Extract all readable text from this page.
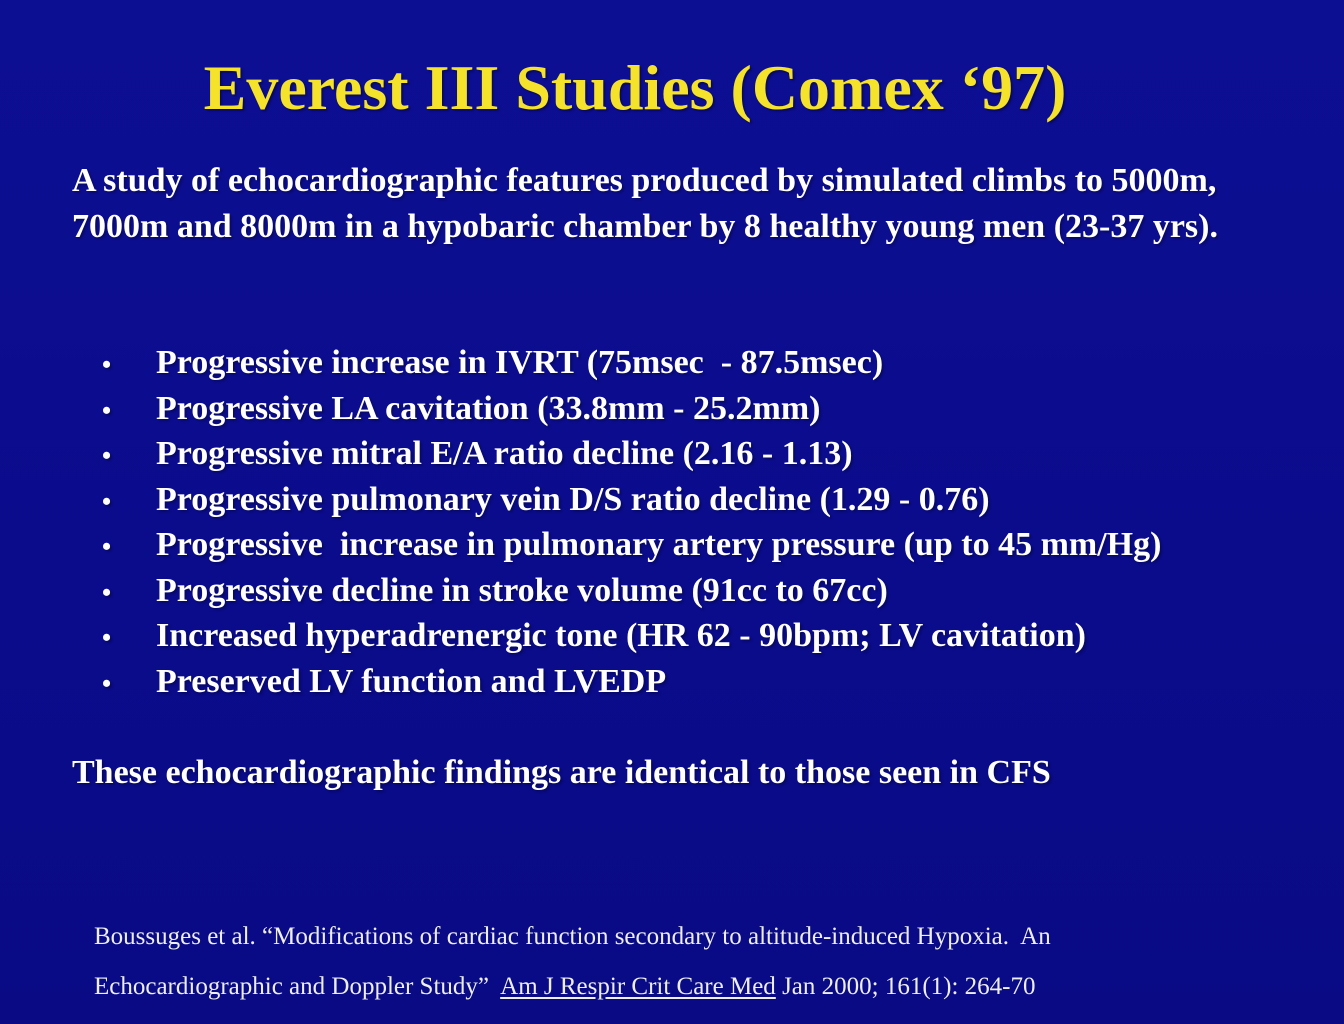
Everest III Studies (Comex ‘97)

A study of echocardiographic features produced by simulated climbs to 5000m, 7000m and 8000m in a hypobaric chamber by 8 healthy young men (23-37 yrs).

•	Progressive increase in IVRT (75msec  - 87.5msec)
•	Progressive LA cavitation (33.8mm - 25.2mm)
•	Progressive mitral E/A ratio decline (2.16 - 1.13)
•	Progressive pulmonary vein D/S ratio decline (1.29 - 0.76)
•	Progressive  increase in pulmonary artery pressure (up to 45 mm/Hg)
•	Progressive decline in stroke volume (91cc to 67cc)
•	Increased hyperadrenergic tone (HR 62 - 90bpm; LV cavitation)
•	Preserved LV function and LVEDP

These echocardiographic findings are identical to those seen in CFS

Boussuges et al. “Modifications of cardiac function secondary to altitude-induced Hypoxia.  An

Echocardiographic and Doppler Study”  Am J Respir Crit Care Med Jan 2000; 161(1): 264-70
